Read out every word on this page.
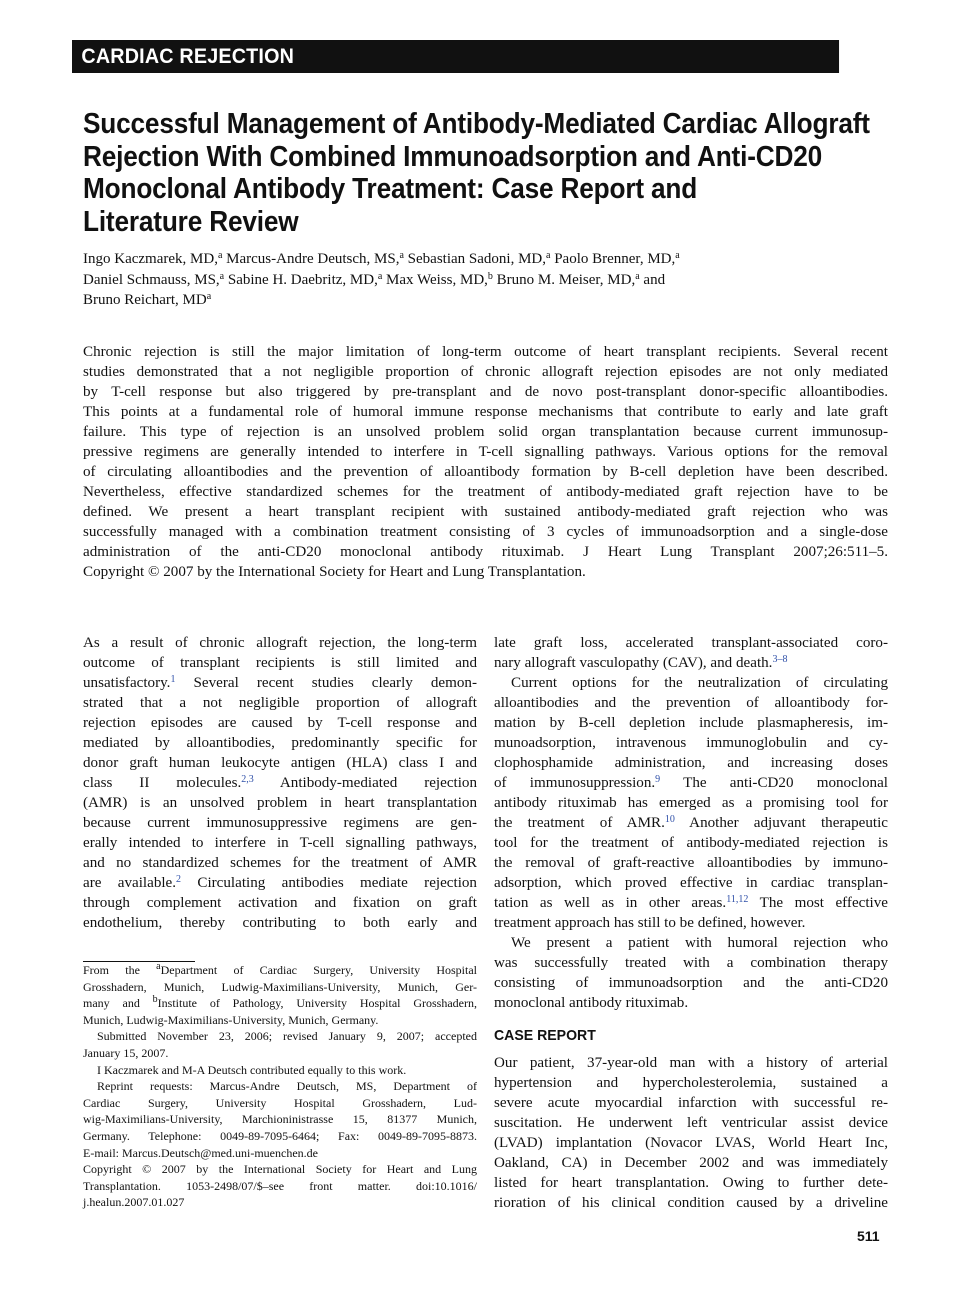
CARDIAC REJECTION
Successful Management of Antibody-Mediated Cardiac Allograft
Rejection With Combined Immunoadsorption and Anti-CD20
Monoclonal Antibody Treatment: Case Report and
Literature Review
Ingo Kaczmarek, MD,$^a$ Marcus-Andre Deutsch, MS,$^a$ Sebastian Sadoni, MD,$^a$ Paolo Brenner, MD,$^a$
Daniel Schmauss, MS,$^a$ Sabine H. Daebritz, MD,$^a$ Max Weiss, MD,$^b$ Bruno M. Meiser, MD,$^a$ and
Bruno Reichart, $MD^a$
Chronic rejection is still the major limitation of long-term outcome of heart transplant recipients. Several recent
studies demonstrated that a not negligible proportion of chronic allograft rejection episodes are not only mediated
by T-cell response but also triggered by pre-transplant and de novo post-transplant donor-specific alloantibodies.
This points at a fundamental role of humoral immune response mechanisms that contribute to early and late graft
failure. This type of rejection is an unsolved problem solid organ transplantation because current immunosup-
pressive regimens are generally intended to interfere in T-cell signalling pathways. Various options for the removal
of circulating alloantibodies and the prevention of alloantibody formation by B-cell depletion have been described.
Nevertheless, effective standardized schemes for the treatment of antibody-mediated graft rejection have to be
defined. We present a heart transplant recipient with sustained antibody-mediated graft rejection who was
successfully managed with a combination treatment consisting of 3 cycles of immunoadsorption and a single-dose
administration of the anti-CD20 monoclonal antibody rituximab. J Heart Lung Transplant 2007;26:511–5.
Copyright © 2007 by the International Society for Heart and Lung Transplantation.
As a result of chronic allograft rejection, the long-term
outcome of transplant recipients is still limited and
unsatisfactory.$^1$ Several recent studies clearly demon-
strated that a not negligible proportion of allograft
rejection episodes are caused by T-cell response and
mediated by alloantibodies, predominantly specific for
donor graft human leukocyte antigen (HLA) class I and
class II molecules.$^{2,3}$ Antibody-mediated rejection
(AMR) is an unsolved problem in heart transplantation
because current immunosuppressive regimens are gen-
erally intended to interfere in T-cell signalling pathways,
and no standardized schemes for the treatment of AMR
are available.$^2$ Circulating antibodies mediate rejection
through complement activation and fixation on graft
endothelium, thereby contributing to both early and
From the $^a$Department of Cardiac Surgery, University Hospital
Grosshadern, Munich, Ludwig-Maximilians-University, Munich, Ger-
many and $^b$Institute of Pathology, University Hospital Grosshadern,
Munich, Ludwig-Maximilians-University, Munich, Germany.
Submitted November 23, 2006; revised January 9, 2007; accepted
January 15, 2007.
I Kaczmarek and M-A Deutsch contributed equally to this work.
Reprint requests: Marcus-Andre Deutsch, MS, Department of
Cardiac Surgery, University Hospital Grosshadern, Lud-
wig-Maximilians-University, Marchioninistrasse 15, 81377 Munich,
Germany. Telephone: 0049-89-7095-6464; Fax: 0049-89-7095-8873.
E-mail: Marcus.Deutsch@med.uni-muenchen.de
Copyright © 2007 by the International Society for Heart and Lung
Transplantation. 1053-2498/07/$–see front matter. doi:10.1016/
j.healun.2007.01.027
late graft loss, accelerated transplant-associated coro-
nary allograft vasculopathy (CAV), and death.$^{3-8}$
Current options for the neutralization of circulating
alloantibodies and the prevention of alloantibody for-
mation by B-cell depletion include plasmapheresis, im-
munoadsorption, intravenous immunoglobulin and cy-
clophosphamide administration, and increasing doses
of immunosuppression.$^9$ The anti-CD20 monoclonal
antibody rituximab has emerged as a promising tool for
the treatment of AMR.$^{10}$ Another adjuvant therapeutic
tool for the treatment of antibody-mediated rejection is
the removal of graft-reactive alloantibodies by immuno-
adsorption, which proved effective in cardiac transplan-
tation as well as in other areas.$^{11,12}$ The most effective
treatment approach has still to be defined, however.
We present a patient with humoral rejection who
was successfully treated with a combination therapy
consisting of immunoadsorption and the anti-CD20
monoclonal antibody rituximab.
CASE REPORT
Our patient, 37-year-old man with a history of arterial
hypertension and hypercholesterolemia, sustained a
severe acute myocardial infarction with successful re-
suscitation. He underwent left ventricular assist device
(LVAD) implantation (Novacor LVAS, World Heart Inc,
Oakland, CA) in December 2002 and was immediately
listed for heart transplantation. Owing to further dete-
rioration of his clinical condition caused by a driveline
511
